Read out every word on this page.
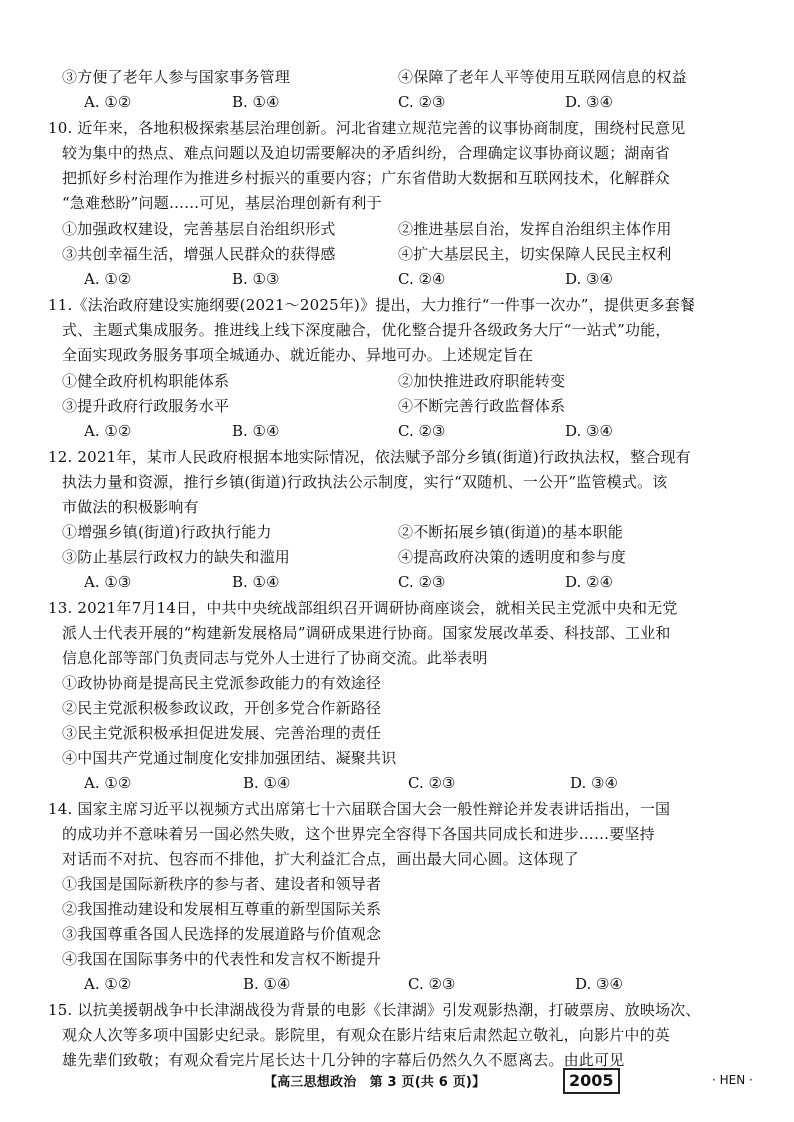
③方便了老年人参与国家事务管理	④保障了老年人平等使用互联网信息的权益
A. ①②	B. ①④	C. ②③	D. ③④
10. 近年来，各地积极探索基层治理创新。河北省建立规范完善的议事协商制度，围绕村民意见
较为集中的热点、难点问题以及迫切需要解决的矛盾纠纷，合理确定议事协商议题；湖南省
把抓好乡村治理作为推进乡村振兴的重要内容；广东省借助大数据和互联网技术，化解群众
“急难愁盼”问题……可见，基层治理创新有利于
①加强政权建设，完善基层自治组织形式	②推进基层自治，发挥自治组织主体作用
③共创幸福生活，增强人民群众的获得感	④扩大基层民主，切实保障人民民主权利
A. ①②	B. ①③	C. ②④	D. ③④
11.《法治政府建设实施纲要(2021～2025年)》提出，大力推行“一件事一次办”，提供更多套餐
式、主题式集成服务。推进线上线下深度融合，优化整合提升各级政务大厅“一站式”功能，
全面实现政务服务事项全城通办、就近能办、异地可办。上述规定旨在
①健全政府机构职能体系	②加快推进政府职能转变
③提升政府行政服务水平	④不断完善行政监督体系
A. ①②	B. ①④	C. ②③	D. ③④
12. 2021年，某市人民政府根据本地实际情况，依法赋予部分乡镇(街道)行政执法权，整合现有
执法力量和资源，推行乡镇(街道)行政执法公示制度，实行“双随机、一公开”监管模式。该
市做法的积极影响有
①增强乡镇(街道)行政执行能力	②不断拓展乡镇(街道)的基本职能
③防止基层行政权力的缺失和滥用	④提高政府决策的透明度和参与度
A. ①③	B. ①④	C. ②③	D. ②④
13. 2021年7月14日，中共中央统战部组织召开调研协商座谈会，就相关民主党派中央和无党
派人士代表开展的“构建新发展格局”调研成果进行协商。国家发展改革委、科技部、工业和
信息化部等部门负责同志与党外人士进行了协商交流。此举表明
①政协协商是提高民主党派参政能力的有效途径
②民主党派积极参政议政，开创多党合作新路径
③民主党派积极承担促进发展、完善治理的责任
④中国共产党通过制度化安排加强团结、凝聚共识
A. ①②	B. ①④	C. ②③	D. ③④
14. 国家主席习近平以视频方式出席第七十六届联合国大会一般性辩论并发表讲话指出，一国
的成功并不意味着另一国必然失败，这个世界完全容得下各国共同成长和进步……要坚持
对话而不对抗、包容而不排他，扩大利益汇合点，画出最大同心圆。这体现了
①我国是国际新秩序的参与者、建设者和领导者
②我国推动建设和发展相互尊重的新型国际关系
③我国尊重各国人民选择的发展道路与价值观念
④我国在国际事务中的代表性和发言权不断提升
A. ①②	B. ①④	C. ②③	D. ③④
15. 以抗美援朝战争中长津湖战役为背景的电影《长津湖》引发观影热潮，打破票房、放映场次、
观众人次等多项中国影史纪录。影院里，有观众在影片结束后肃然起立敬礼，向影片中的英
雄先辈们致敬；有观众看完片尾长达十几分钟的字幕后仍然久久不愿离去。由此可见
【高三思想政治　第 3 页(共 6 页)】	2005	· HEN ·
